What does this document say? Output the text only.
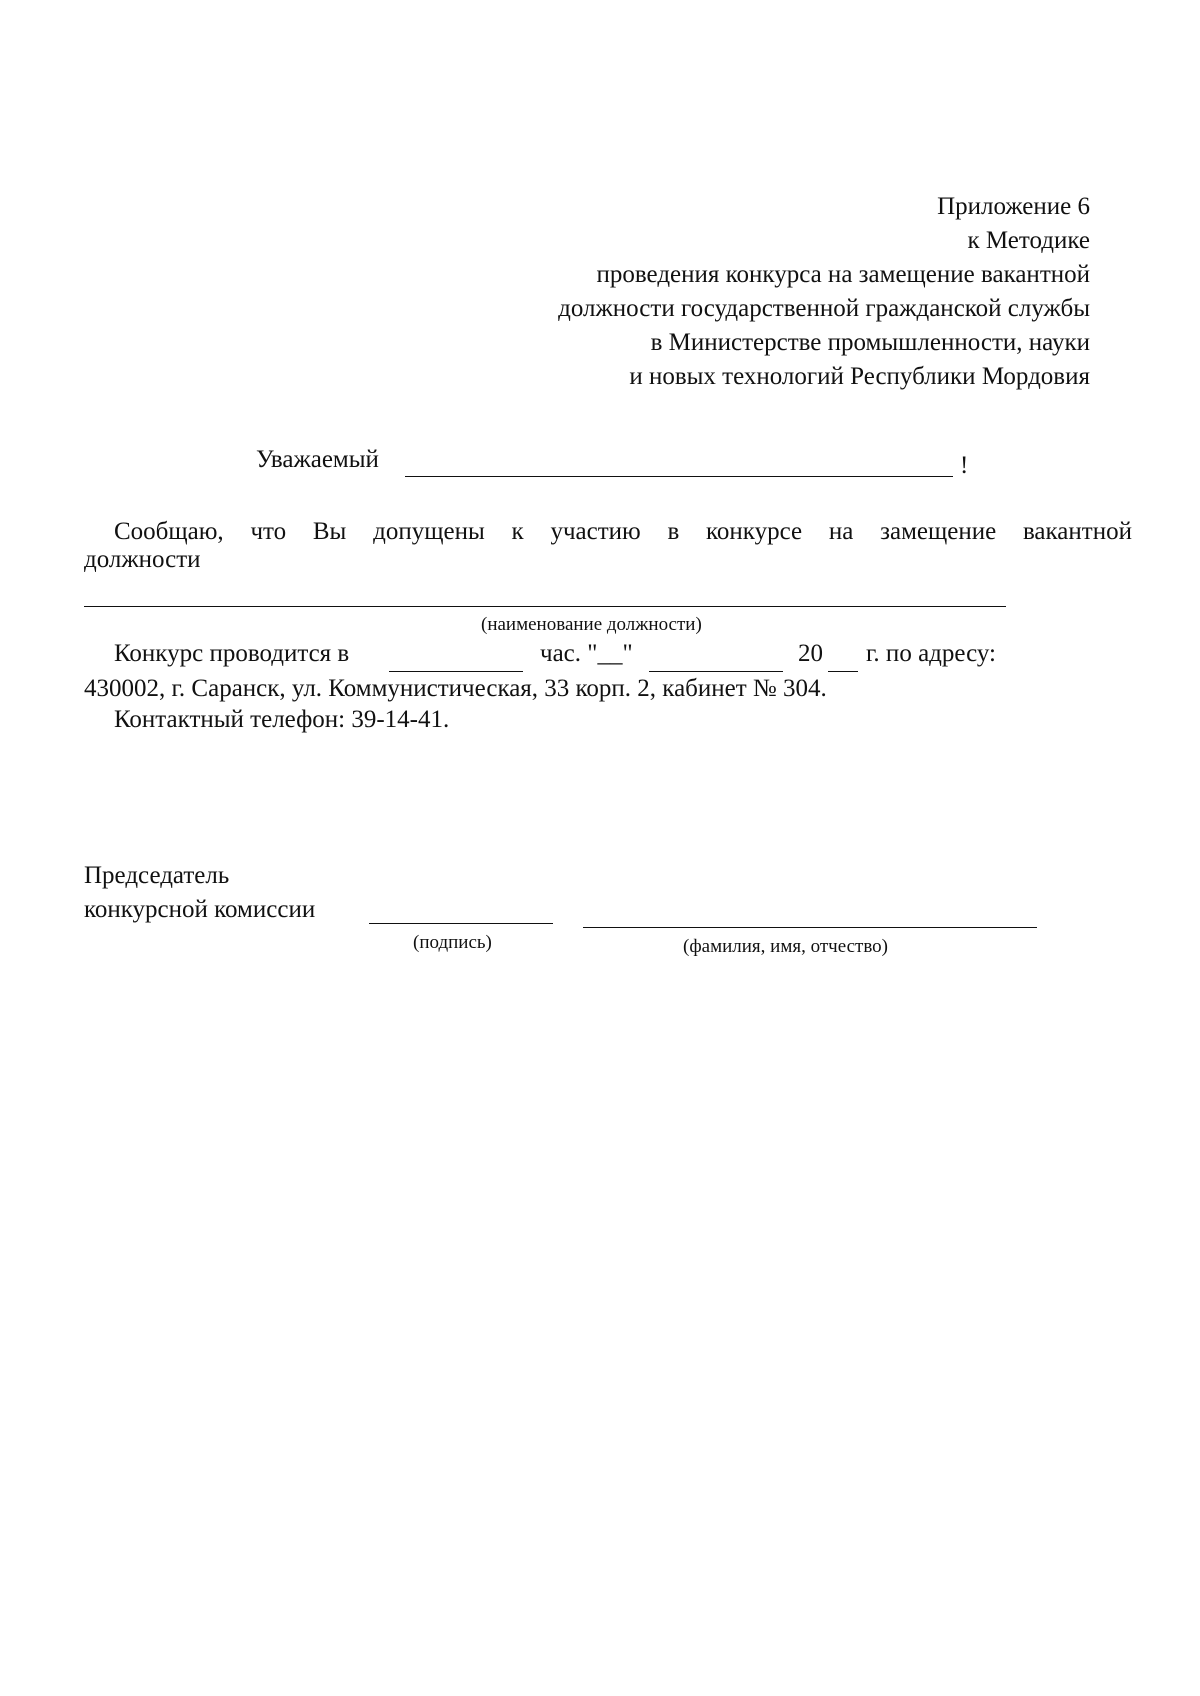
Приложение 6
к Методике
проведения конкурса на замещение вакантной
должности государственной гражданской службы
в Министерстве промышленности, науки
и новых технологий Республики Мордовия
Уважаемый	!
Сообщаю, что Вы допущены к участию в конкурсе на замещение вакантной
должности
(наименование должности)
Конкурс проводится в	час. "__"	20 г. по адресу:
430002, г. Саранск, ул. Коммунистическая, 33 корп. 2, кабинет № 304.
Контактный телефон: 39-14-41.
Председатель
конкурсной комиссии
(подпись)	(фамилия, имя, отчество)
